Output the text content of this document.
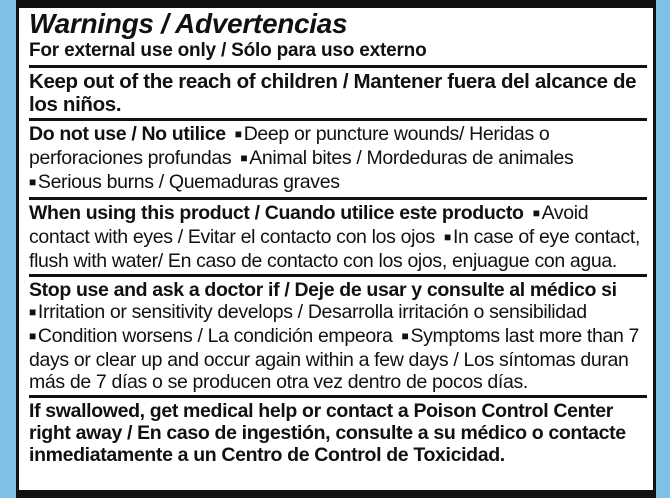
Warnings / Advertencias
For external use only / Sólo para uso externo
Keep out of the reach of children / Mantener fuera del alcance de los niños.
Do not use / No utilice ■ Deep or puncture wounds/ Heridas o perforaciones profundas ■ Animal bites / Mordeduras de animales
■ Serious burns / Quemaduras graves
When using this product / Cuando utilice este producto ■ Avoid contact with eyes / Evitar el contacto con los ojos ■ In case of eye contact, flush with water/ En caso de contacto con los ojos, enjuague con agua.
Stop use and ask a doctor if / Deje de usar y consulte al médico si
■ Irritation or sensitivity develops / Desarrolla irritación o sensibilidad
■ Condition worsens / La condición empeora ■ Symptoms last more than 7 days or clear up and occur again within a few days / Los síntomas duran más de 7 días o se producen otra vez dentro de pocos días.
If swallowed, get medical help or contact a Poison Control Center right away / En caso de ingestión, consulte a su médico o contacte inmediatamente a un Centro de Control de Toxicidad.
